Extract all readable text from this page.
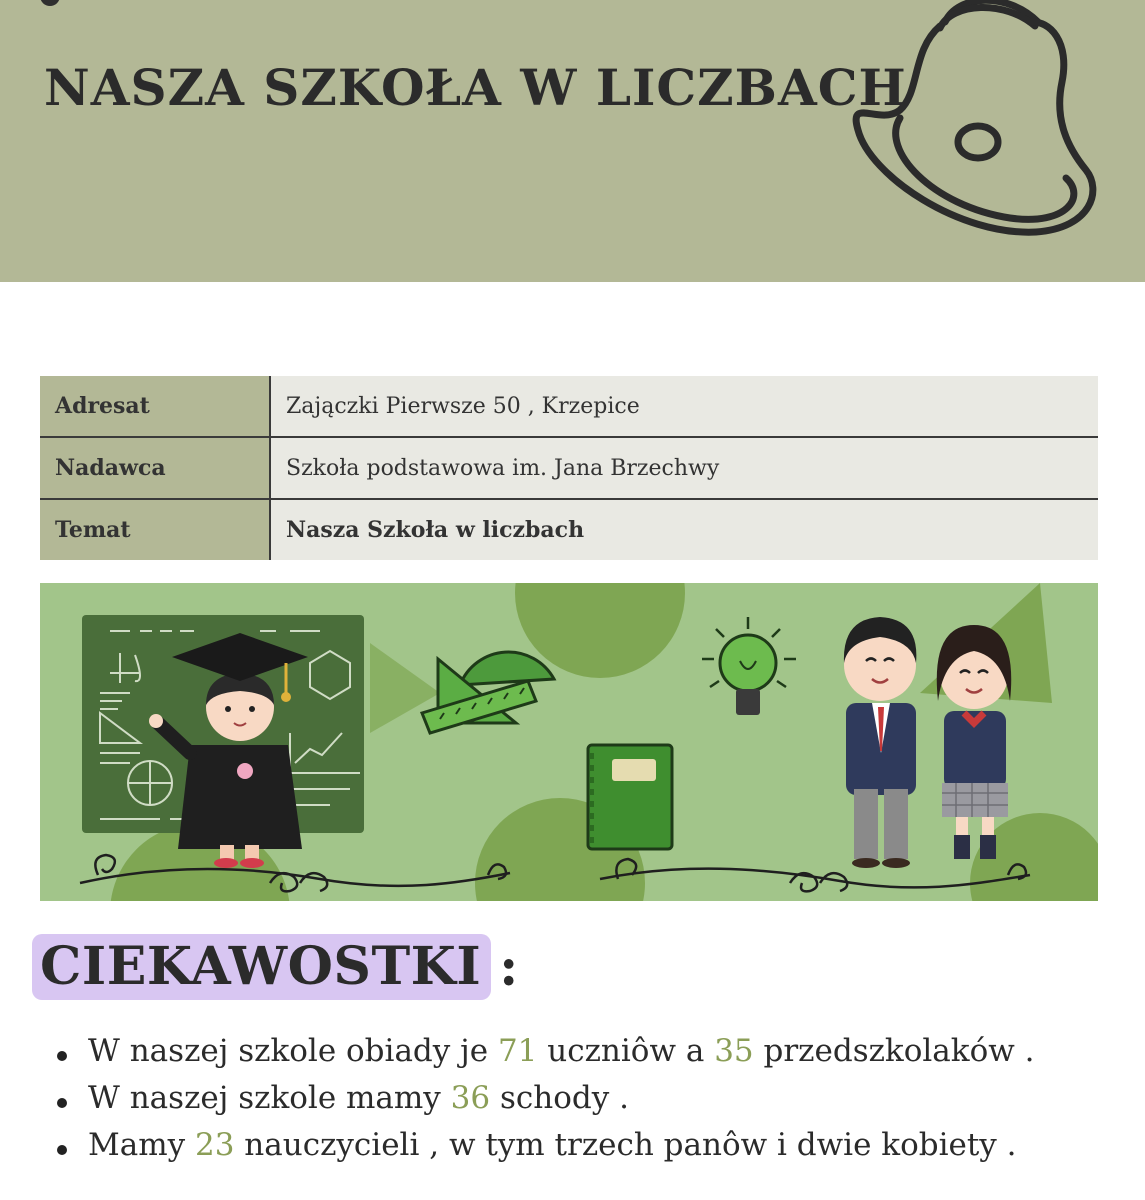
NASZA SZKOŁA W LICZBACH
Adresat	Zajączki Pierwsze 50 , Krzepice
Nadawca	Szkoła podstawowa im. Jana Brzechwy
Temat	Nasza Szkoła w liczbach
CIEKAWOSTKI :
W naszej szkole obiady je 71 uczniôw a 35 przedszkolaków .
W naszej szkole mamy 36 schody .
Mamy 23 nauczycieli , w tym trzech panôw i dwie kobiety .
